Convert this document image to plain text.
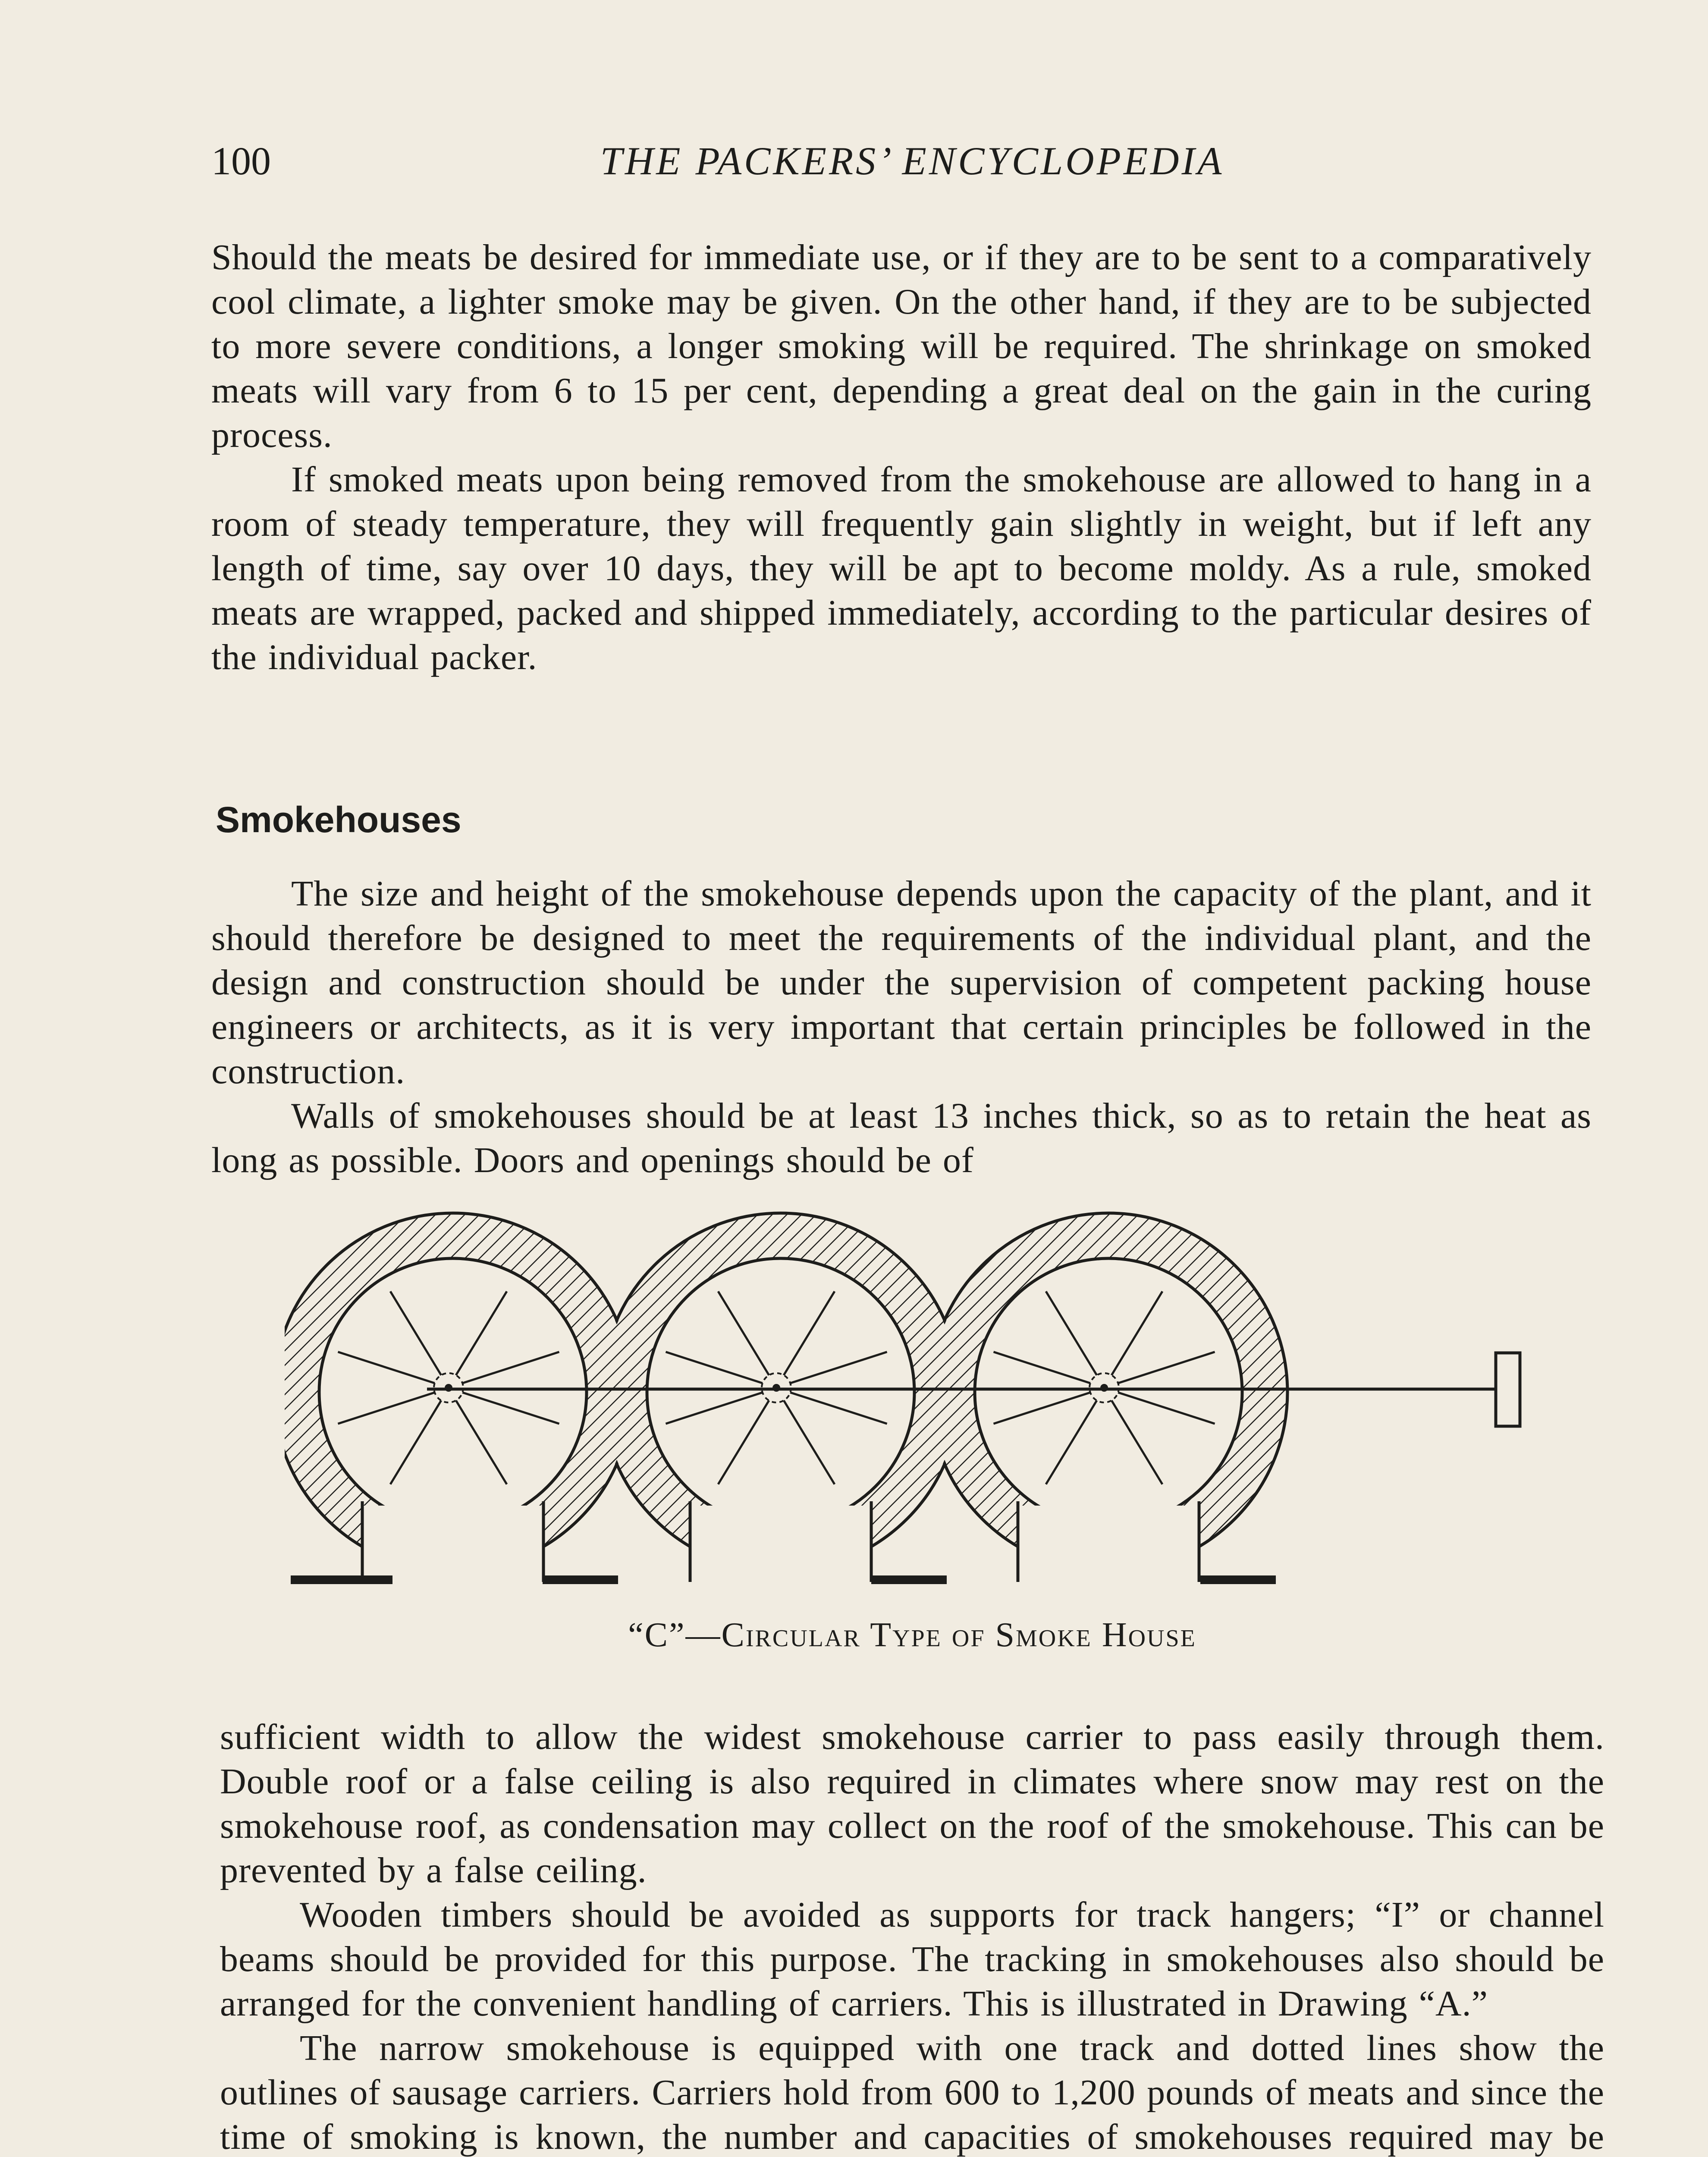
100	THE PACKERS’ ENCYCLOPEDIA

Should the meats be desired for immediate use, or if they are to be sent to a comparatively cool climate, a lighter smoke may be given. On the other hand, if they are to be subjected to more severe conditions, a longer smoking will be required. The shrinkage on smoked meats will vary from 6 to 15 per cent, depending a great deal on the gain in the curing process.

If smoked meats upon being removed from the smokehouse are allowed to hang in a room of steady temperature, they will frequently gain slightly in weight, but if left any length of time, say over 10 days, they will be apt to become moldy. As a rule, smoked meats are wrapped, packed and shipped immediately, according to the particular desires of the individual packer.

Smokehouses

The size and height of the smokehouse depends upon the capacity of the plant, and it should therefore be designed to meet the requirements of the individual plant, and the design and construction should be under the supervision of competent packing house engineers or architects, as it is very important that certain principles be followed in the construction.

Walls of smokehouses should be at least 13 inches thick, so as to retain the heat as long as possible. Doors and openings should be of

“C”—Circular Type of Smoke House

sufficient width to allow the widest smokehouse carrier to pass easily through them. Double roof or a false ceiling is also required in climates where snow may rest on the smokehouse roof, as condensation may collect on the roof of the smokehouse. This can be prevented by a false ceiling.

Wooden timbers should be avoided as supports for track hangers; “I” or channel beams should be provided for this purpose. The tracking in smokehouses also should be arranged for the convenient handling of carriers. This is illustrated in Drawing “A.”

The narrow smokehouse is equipped with one track and dotted lines show the outlines of sausage carriers. Carriers hold from 600 to 1,200 pounds of meats and since the time of smoking is known, the number and capacities of smokehouses required may be
